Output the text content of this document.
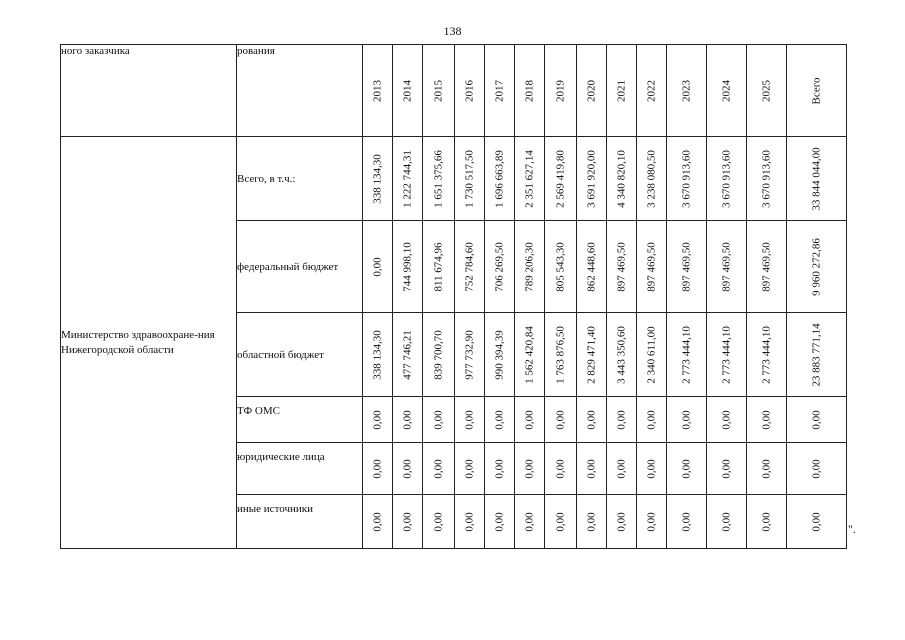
138
ного заказчика	рования	2013	2014	2015	2016	2017	2018	2019	2020	2021	2022	2023	2024	2025	Всего

Министерство здравоохране-ния Нижегородской области	Всего, в т.ч.:	338 134,30	1 222 744,31	1 651 375,66	1 730 517,50	1 696 663,89	2 351 627,14	2 569 419,80	3 691 920,00	4 340 820,10	3 238 080,50	3 670 913,60	3 670 913,60	3 670 913,60	33 844 044,00

	федеральный бюджет	0,00	744 998,10	811 674,96	752 784,60	706 269,50	789 206,30	805 543,30	862 448,60	897 469,50	897 469,50	897 469,50	897 469,50	897 469,50	9 960 272,86

	областной бюджет	338 134,30	477 746,21	839 700,70	977 732,90	990 394,39	1 562 420,84	1 763 876,50	2 829 471,40	3 443 350,60	2 340 611,00	2 773 444,10	2 773 444,10	2 773 444,10	23 883 771,14

	ТФ ОМС	0,00	0,00	0,00	0,00	0,00	0,00	0,00	0,00	0,00	0,00	0,00	0,00	0,00	0,00

	юридические лица	0,00	0,00	0,00	0,00	0,00	0,00	0,00	0,00	0,00	0,00	0,00	0,00	0,00	0,00

	иные источники	0,00	0,00	0,00	0,00	0,00	0,00	0,00	0,00	0,00	0,00	0,00	0,00	0,00	0,00 ".
